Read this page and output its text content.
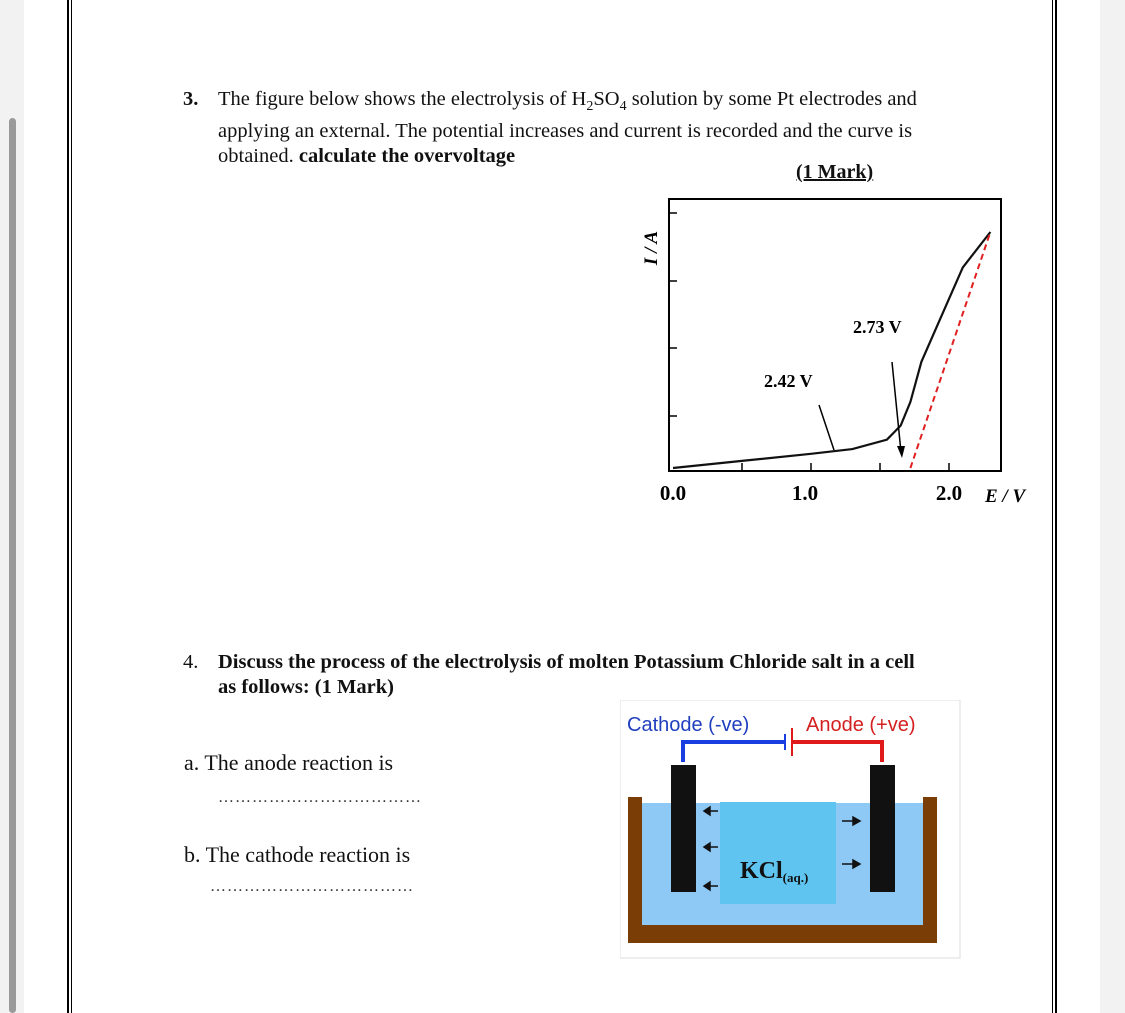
3. The figure below shows the electrolysis of $H_2SO_4$ solution by some Pt electrodes and
applying an external. The potential increases and current is recorded and the curve is
obtained. calculate the overvoltage
(1 Mark)
I / A
0.0	1.0	2.0 E / V
2.42 V
2.73 V
4. Discuss the process of the electrolysis of molten Potassium Chloride salt in a cell
as follows: (1 Mark)
a. The anode reaction is
………………………………
b. The cathode reaction is
………………………………
Cathode (-ve)	Anode (+ve)
KCl(aq.)
